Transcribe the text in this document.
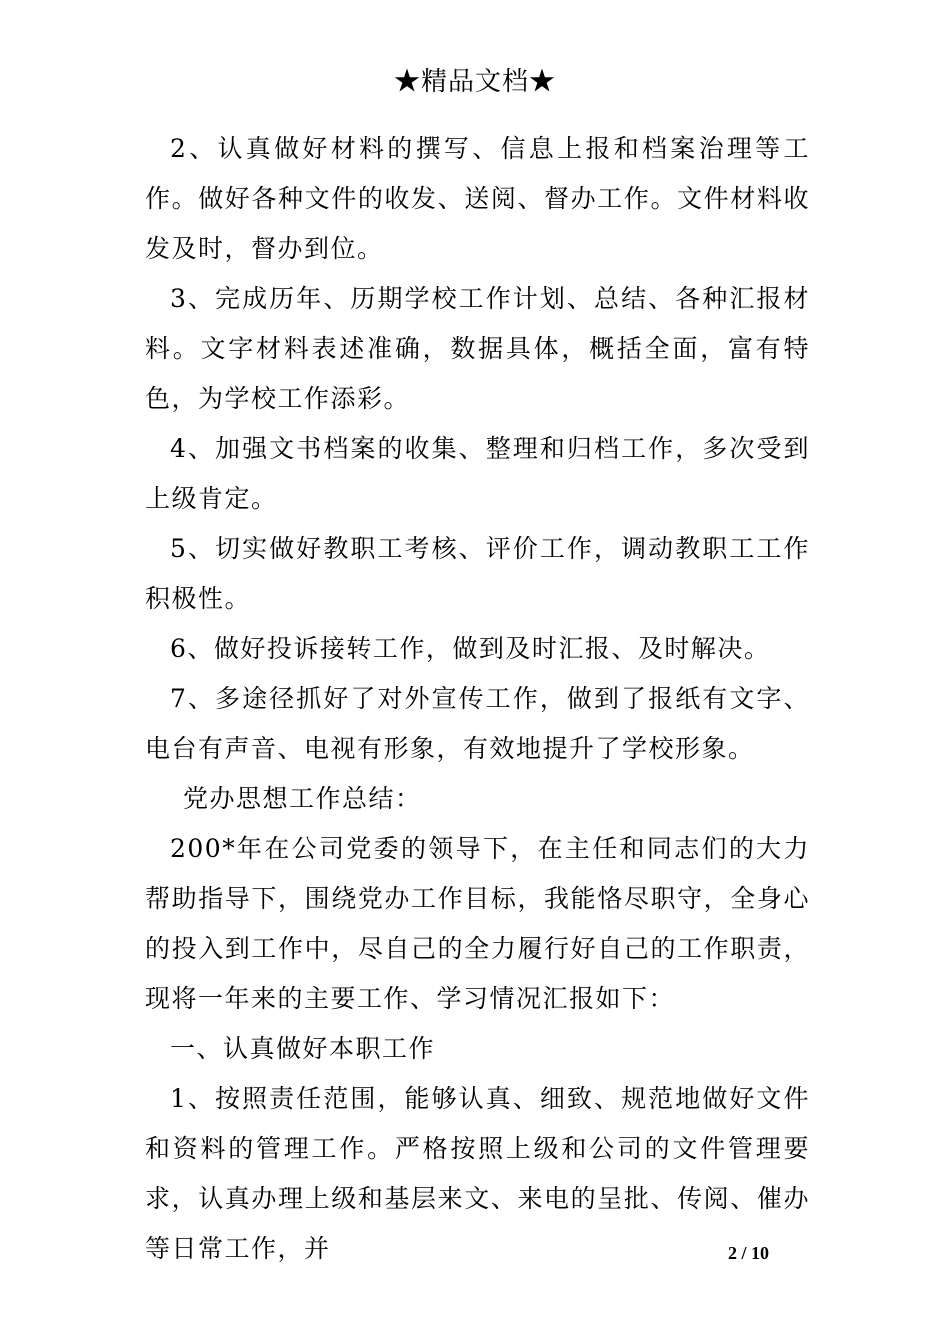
★精品文档★

2、认真做好材料的撰写、信息上报和档案治理等工作。做好各种文件的收发、送阅、督办工作。文件材料收发及时，督办到位。

3、完成历年、历期学校工作计划、总结、各种汇报材料。文字材料表述准确，数据具体，概括全面，富有特色，为学校工作添彩。

4、加强文书档案的收集、整理和归档工作，多次受到上级肯定。

5、切实做好教职工考核、评价工作，调动教职工工作积极性。

6、做好投诉接转工作，做到及时汇报、及时解决。

7、多途径抓好了对外宣传工作，做到了报纸有文字、电台有声音、电视有形象，有效地提升了学校形象。

党办思想工作总结：

200*年在公司党委的领导下，在主任和同志们的大力帮助指导下，围绕党办工作目标，我能恪尽职守，全身心的投入到工作中，尽自己的全力履行好自己的工作职责，现将一年来的主要工作、学习情况汇报如下：

一、认真做好本职工作

1、按照责任范围，能够认真、细致、规范地做好文件和资料的管理工作。严格按照上级和公司的文件管理要求，认真办理上级和基层来文、来电的呈批、传阅、催办等日常工作，并	2 / 10
